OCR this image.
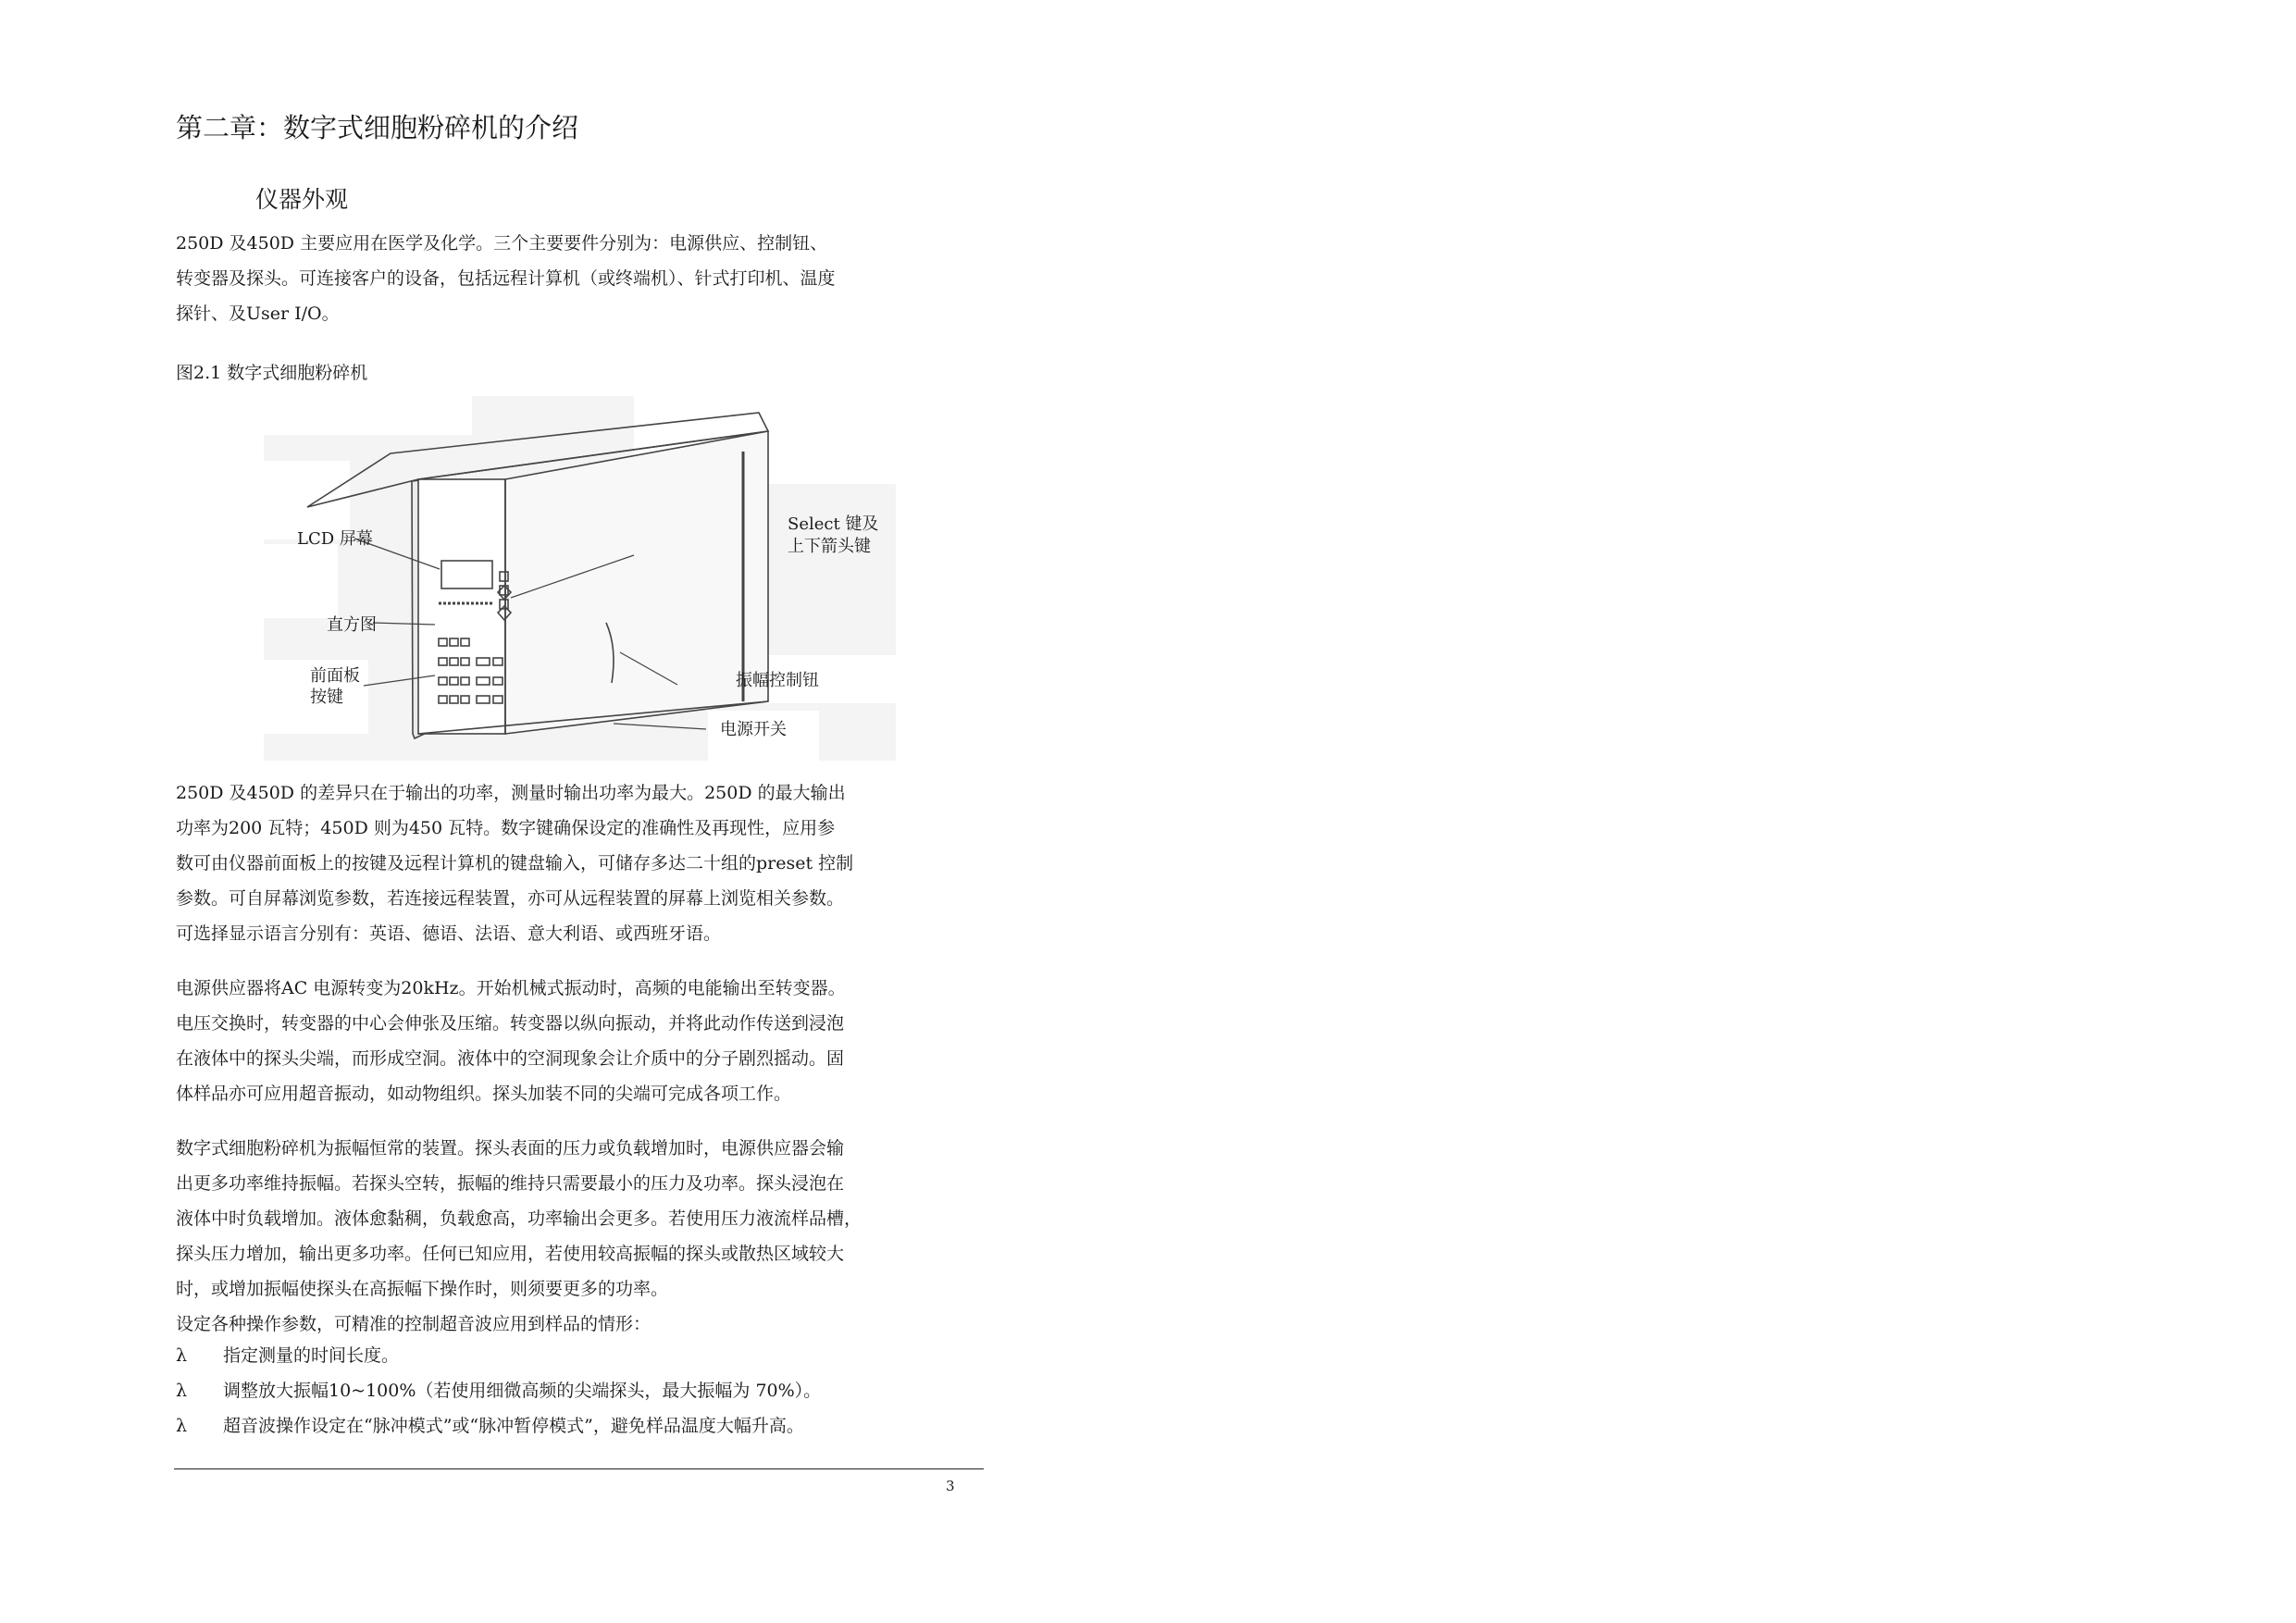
第二章：数字式细胞粉碎机的介绍
仪器外观
250D 及450D 主要应用在医学及化学。三个主要要件分别为：电源供应、控制钮、
转变器及探头。可连接客户的设备，包括远程计算机（或终端机）、针式打印机、温度
探针、及User I/O。
图2.1 数字式细胞粉碎机
LCD 屏幕
直方图
前面板
按键
Select 键及
上下箭头键
振幅控制钮
电源开关
250D 及450D 的差异只在于输出的功率，测量时输出功率为最大。250D 的最大输出
功率为200 瓦特；450D 则为450 瓦特。数字键确保设定的准确性及再现性，应用参
数可由仪器前面板上的按键及远程计算机的键盘输入，可储存多达二十组的preset 控制
参数。可自屏幕浏览参数，若连接远程装置，亦可从远程装置的屏幕上浏览相关参数。
可选择显示语言分别有：英语、德语、法语、意大利语、或西班牙语。
电源供应器将AC 电源转变为20kHz。开始机械式振动时，高频的电能输出至转变器。
电压交换时，转变器的中心会伸张及压缩。转变器以纵向振动，并将此动作传送到浸泡
在液体中的探头尖端，而形成空洞。液体中的空洞现象会让介质中的分子剧烈摇动。固
体样品亦可应用超音振动，如动物组织。探头加装不同的尖端可完成各项工作。
数字式细胞粉碎机为振幅恒常的装置。探头表面的压力或负载增加时，电源供应器会输
出更多功率维持振幅。若探头空转，振幅的维持只需要最小的压力及功率。探头浸泡在
液体中时负载增加。液体愈黏稠，负载愈高，功率输出会更多。若使用压力液流样品槽，
探头压力增加，输出更多功率。任何已知应用，若使用较高振幅的探头或散热区域较大
时，或增加振幅使探头在高振幅下操作时，则须要更多的功率。
设定各种操作参数，可精准的控制超音波应用到样品的情形：
λ 指定测量的时间长度。
λ 调整放大振幅10~100%（若使用细微高频的尖端探头，最大振幅为 70%）。
λ 超音波操作设定在“脉冲模式”或“脉冲暂停模式”，避免样品温度大幅升高。
3
